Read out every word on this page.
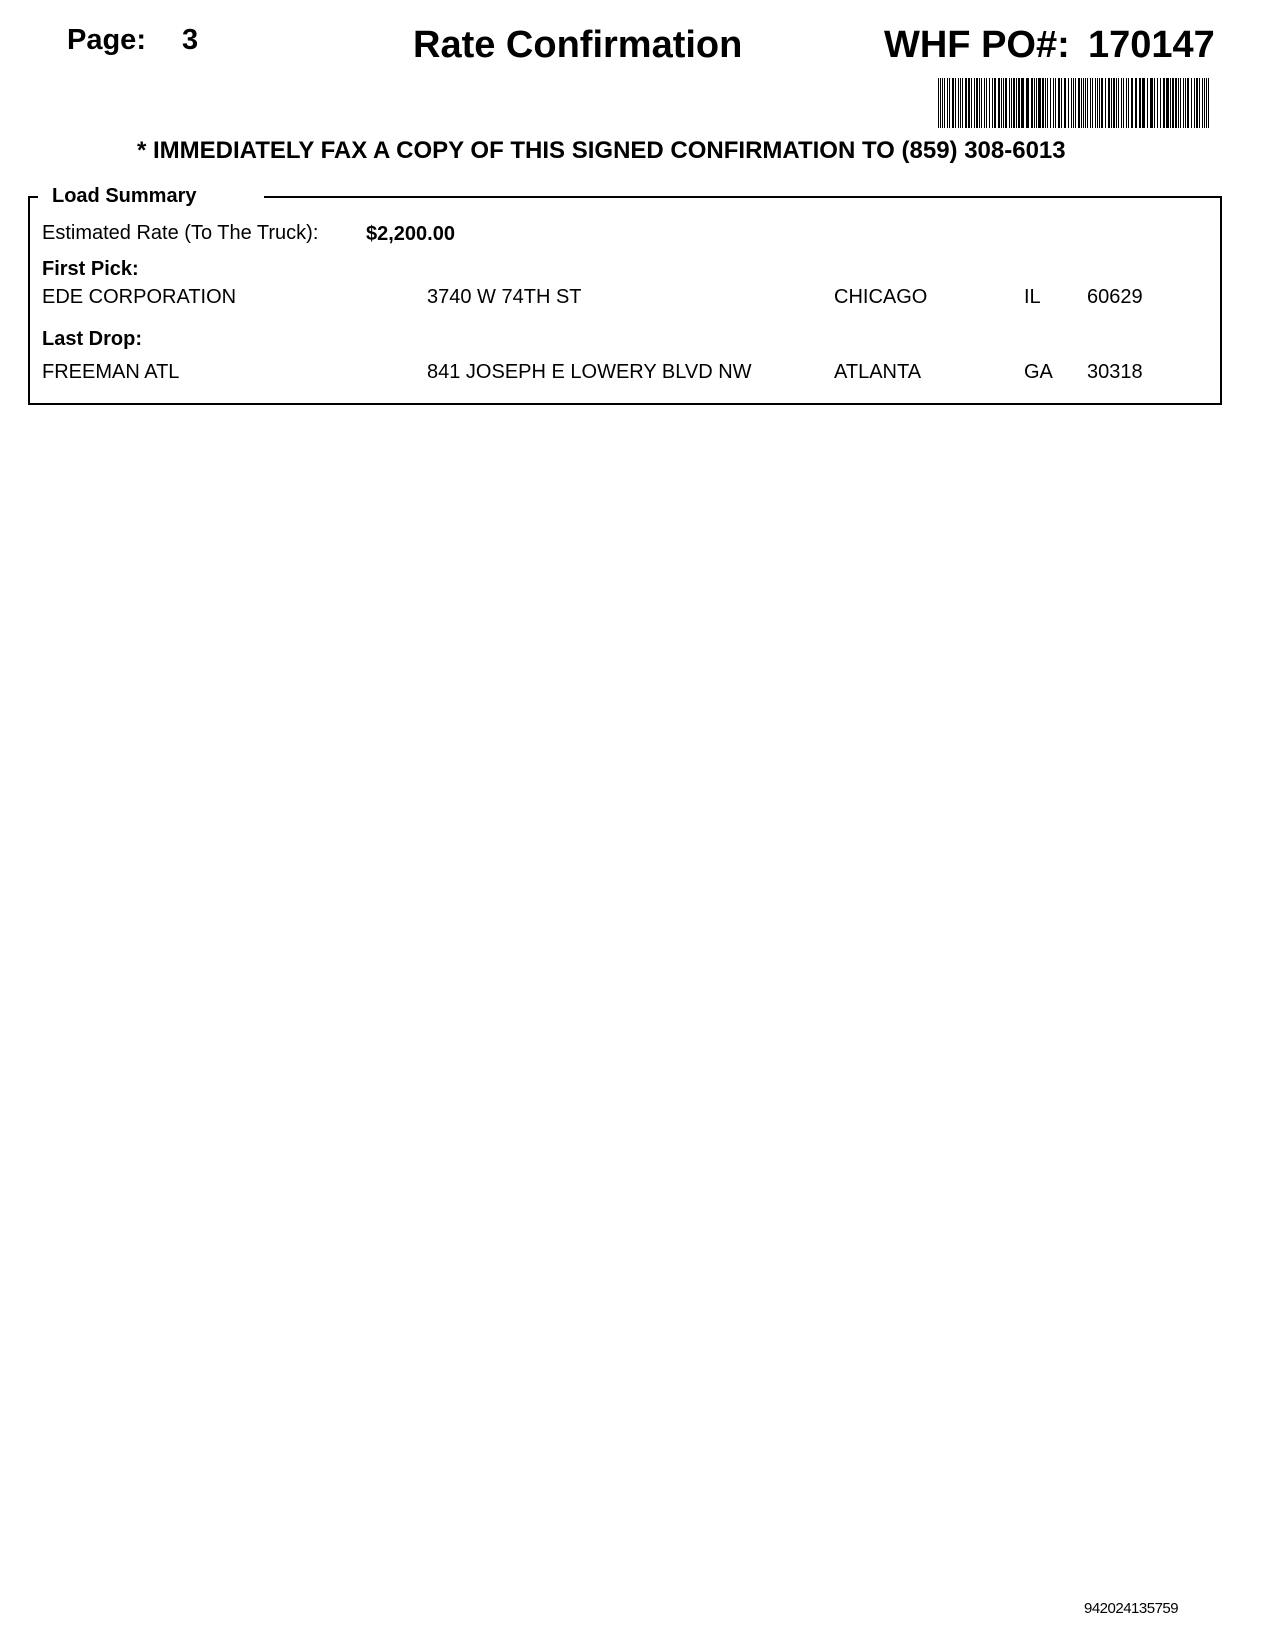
Page: 3	Rate Confirmation	WHF PO#: 170147
* IMMEDIATELY FAX A COPY OF THIS SIGNED CONFIRMATION TO (859) 308-6013
Load Summary
Estimated Rate (To The Truck): $2,200.00
First Pick:
EDE CORPORATION	3740 W 74TH ST	CHICAGO	IL 60629
Last Drop:
FREEMAN ATL	841 JOSEPH E LOWERY BLVD NW	ATLANTA	GA 30318
942024135759
